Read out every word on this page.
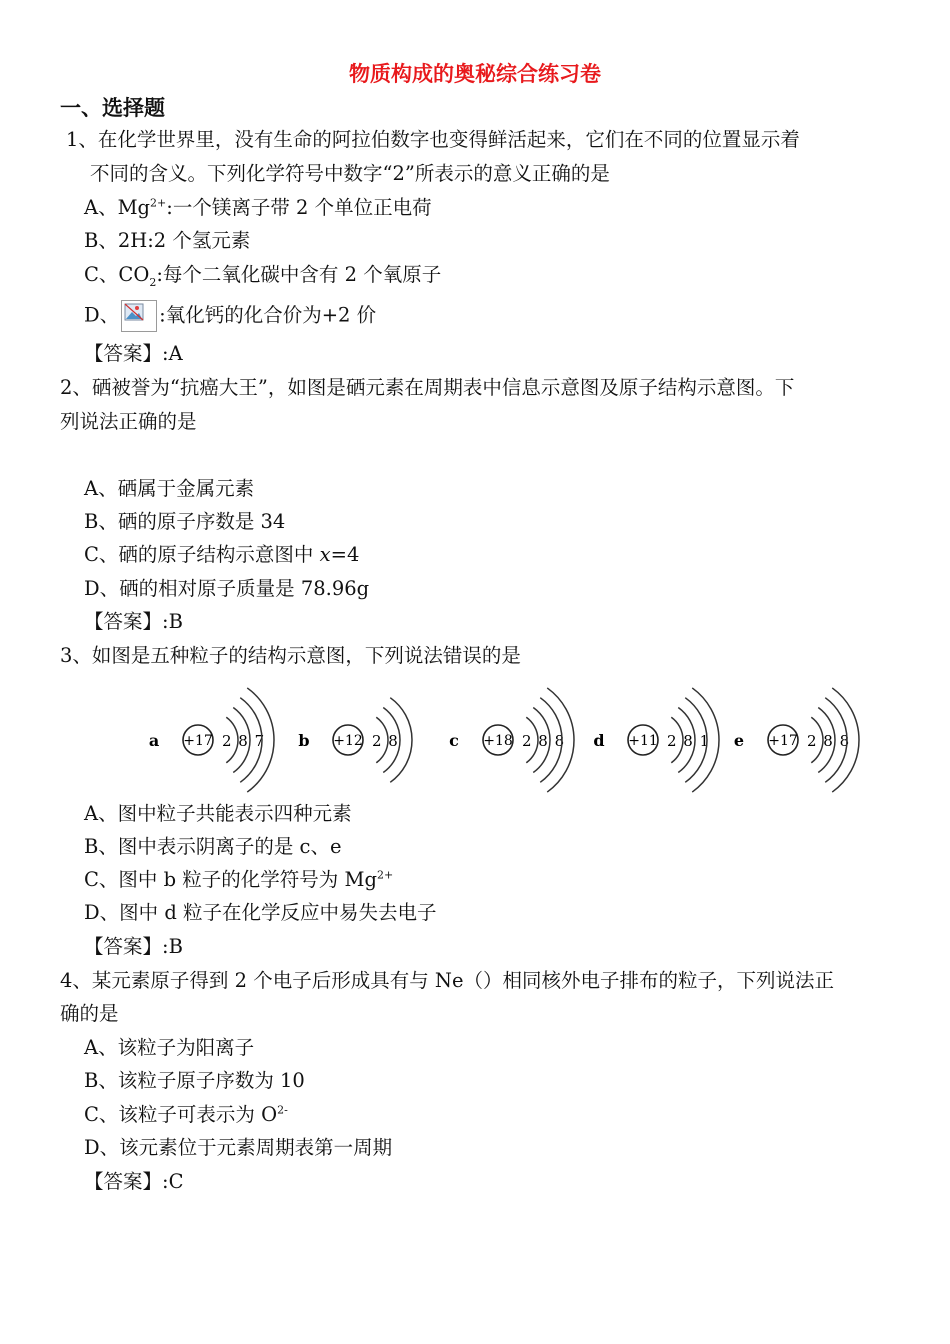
物质构成的奥秘综合练习卷
一、选择题
1、在化学世界里，没有生命的阿拉伯数字也变得鲜活起来，它们在不同的位置显示着
不同的含义。下列化学符号中数字“2”所表示的意义正确的是
A、$Mg^{2+}$:一个镁离子带 2 个单位正电荷
B、2H:2 个氢元素
C、$CO_2$:每个二氧化碳中含有 2 个氧原子
D、 :氧化钙的化合价为+2 价
【答案】:A
2、硒被誉为“抗癌大王”，如图是硒元素在周期表中信息示意图及原子结构示意图。下
列说法正确的是
A、硒属于金属元素
B、硒的原子序数是 34
C、硒的原子结构示意图中 x=4
D、硒的相对原子质量是 78.96g
【答案】:B
3、如图是五种粒子的结构示意图，下列说法错误的是
a +17 2 8 7 b +12 2 8	c +18 2 8 8 d +11 2 8 1 e +17 2 8 8
A、图中粒子共能表示四种元素
B、图中表示阴离子的是 c、e
C、图中 b 粒子的化学符号为 $Mg^{2+}$
D、图中 d 粒子在化学反应中易失去电子
【答案】:B
4、某元素原子得到 2 个电子后形成具有与 Ne（）相同核外电子排布的粒子，下列说法正
确的是
A、该粒子为阳离子
B、该粒子原子序数为 10
C、该粒子可表示为 $O^{2-}$
D、该元素位于元素周期表第一周期
【答案】:C
